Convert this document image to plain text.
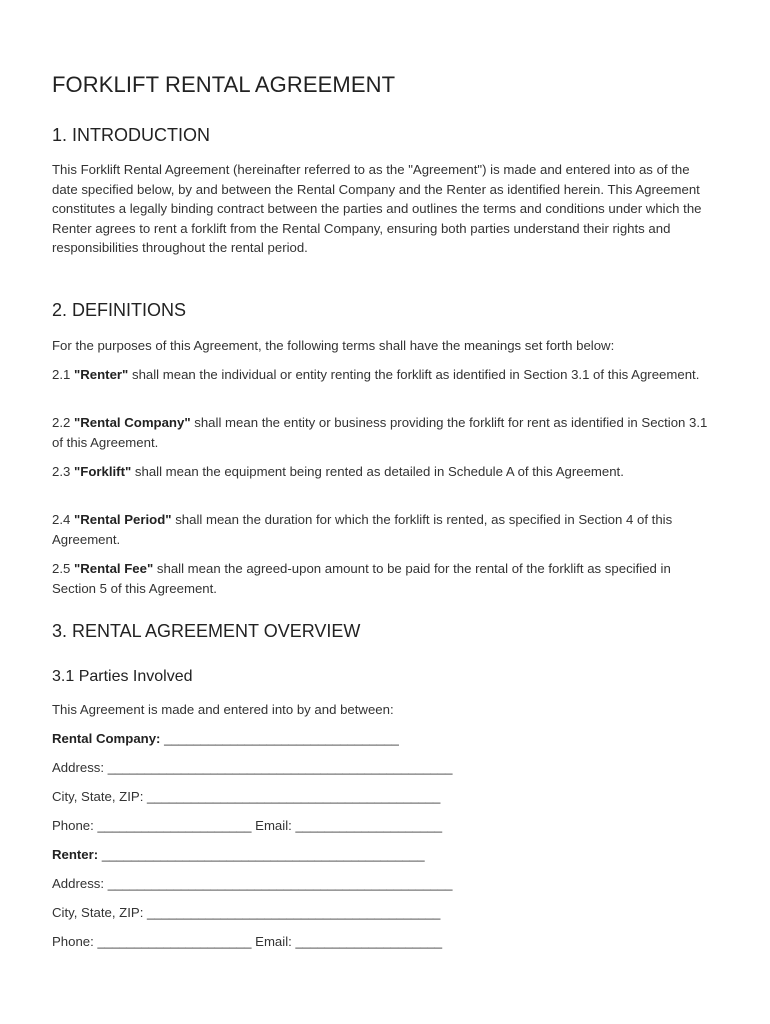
FORKLIFT RENTAL AGREEMENT
1. INTRODUCTION

This Forklift Rental Agreement (hereinafter referred to as the "Agreement") is made and entered into as of the date specified below, by and between the Rental Company and the Renter as identified herein. This Agreement constitutes a legally binding contract between the parties and outlines the terms and conditions under which the Renter agrees to rent a forklift from the Rental Company, ensuring both parties understand their rights and responsibilities throughout the rental period.

2. DEFINITIONS

For the purposes of this Agreement, the following terms shall have the meanings set forth below:

2.1 "Renter" shall mean the individual or entity renting the forklift as identified in Section 3.1 of this Agreement.

2.2 "Rental Company" shall mean the entity or business providing the forklift for rent as identified in Section 3.1 of this Agreement.

2.3 "Forklift" shall mean the equipment being rented as detailed in Schedule A of this Agreement.

2.4 "Rental Period" shall mean the duration for which the forklift is rented, as specified in Section 4 of this Agreement.

2.5 "Rental Fee" shall mean the agreed-upon amount to be paid for the rental of the forklift as specified in Section 5 of this Agreement.

3. RENTAL AGREEMENT OVERVIEW
3.1 Parties Involved

This Agreement is made and entered into by and between:

Rental Company: ________________________________

Address: _______________________________________________

City, State, ZIP: ________________________________________

Phone: _____________________ Email: ____________________

Renter: ____________________________________________

Address: _______________________________________________

City, State, ZIP: ________________________________________

Phone: _____________________ Email: ____________________
